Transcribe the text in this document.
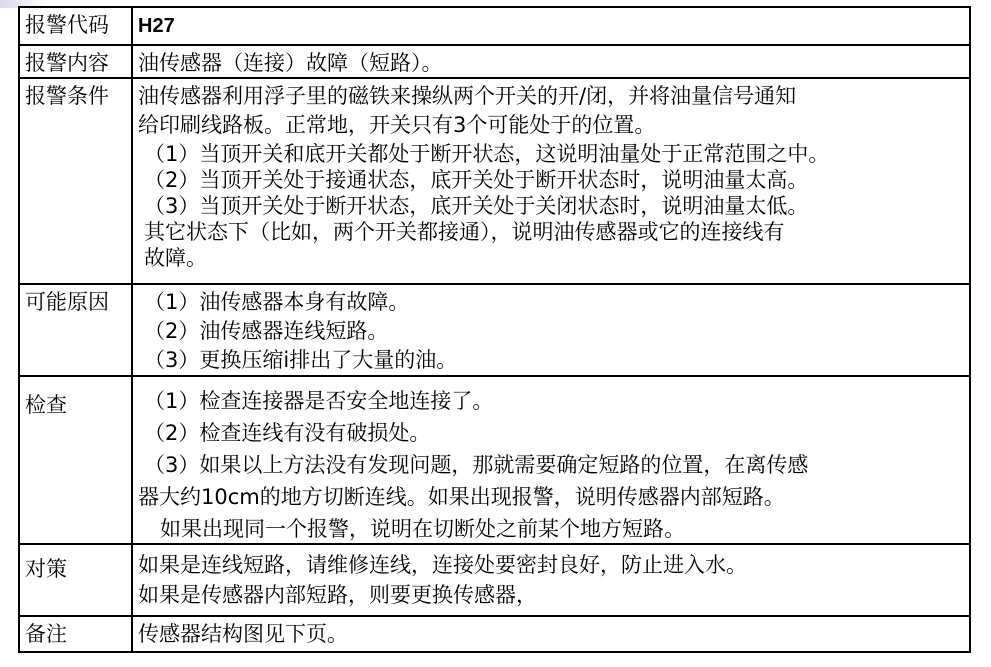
报警代码	H27
报警内容	油传感器（连接）故障（短路）。
报警条件	油传感器利用浮子里的磁铁来操纵两个开关的开/闭，并将油量信号通知
给印刷线路板。正常地，开关只有3个可能处于的位置。
（1）当顶开关和底开关都处于断开状态，这说明油量处于正常范围之中。
（2）当顶开关处于接通状态，底开关处于断开状态时，说明油量太高。
（3）当顶开关处于断开状态，底开关处于关闭状态时，说明油量太低。
其它状态下（比如，两个开关都接通），说明油传感器或它的连接线有
故障。
可能原因	（1）油传感器本身有故障。
（2）油传感器连线短路。
（3）更换压缩i排出了大量的油。
检查	（1）检查连接器是否安全地连接了。
（2）检查连线有没有破损处。
（3）如果以上方法没有发现问题，那就需要确定短路的位置，在离传感
器大约10cm的地方切断连线。如果出现报警，说明传感器内部短路。
如果出现同一个报警，说明在切断处之前某个地方短路。
对策	如果是连线短路，请维修连线，连接处要密封良好，防止进入水。
如果是传感器内部短路，则要更换传感器，
备注	传感器结构图见下页。
